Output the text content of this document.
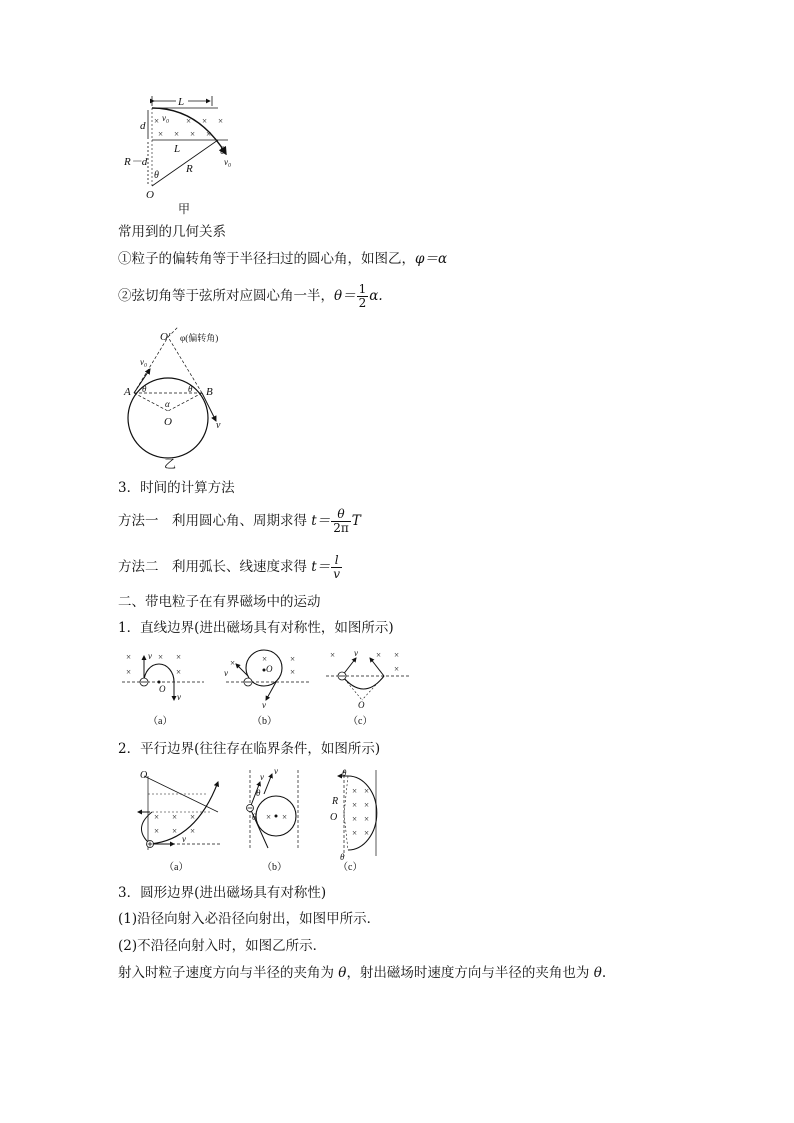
L
×	× × ×
× × × ×
v₀
d
R－d
L
R
θ
v₀
θ
O
甲
常用到的几何关系
①粒子的偏转角等于半径扫过的圆心角，如图乙，φ＝α
②弦切角等于弦所对应圆心角一半，$\theta= \frac{1}{2} \alpha$.
O′ φ(偏转角)
v₀
A	B
θ	θ
α
O	v
乙
3．时间的计算方法
方法一　利用圆心角、周期求得 $t= \frac{\theta}{2\pi}$ T
方法二　利用弧长、线速度求得 $t= \frac{l}{v}$
二、带电粒子在有界磁场中的运动
1．直线边界(进出磁场具有对称性，如图所示)
×	× ×
×	×
v
O
v
（a）
×	×	×
×
v	O
v
（b）
×	× ×
×
v
O
（c）
2．平行边界(往往存在临界条件，如图所示)
× × ×
× × ×
O
v
（a）
× ×
θ
θ
v
v
（b）
× ×
× ×
× ×
× ×
θ
R
O
θ
（c）
3．圆形边界(进出磁场具有对称性)
(1)沿径向射入必沿径向射出，如图甲所示．
(2)不沿径向射入时，如图乙所示．
射入时粒子速度方向与半径的夹角为 θ，射出磁场时速度方向与半径的夹角也为 θ.
